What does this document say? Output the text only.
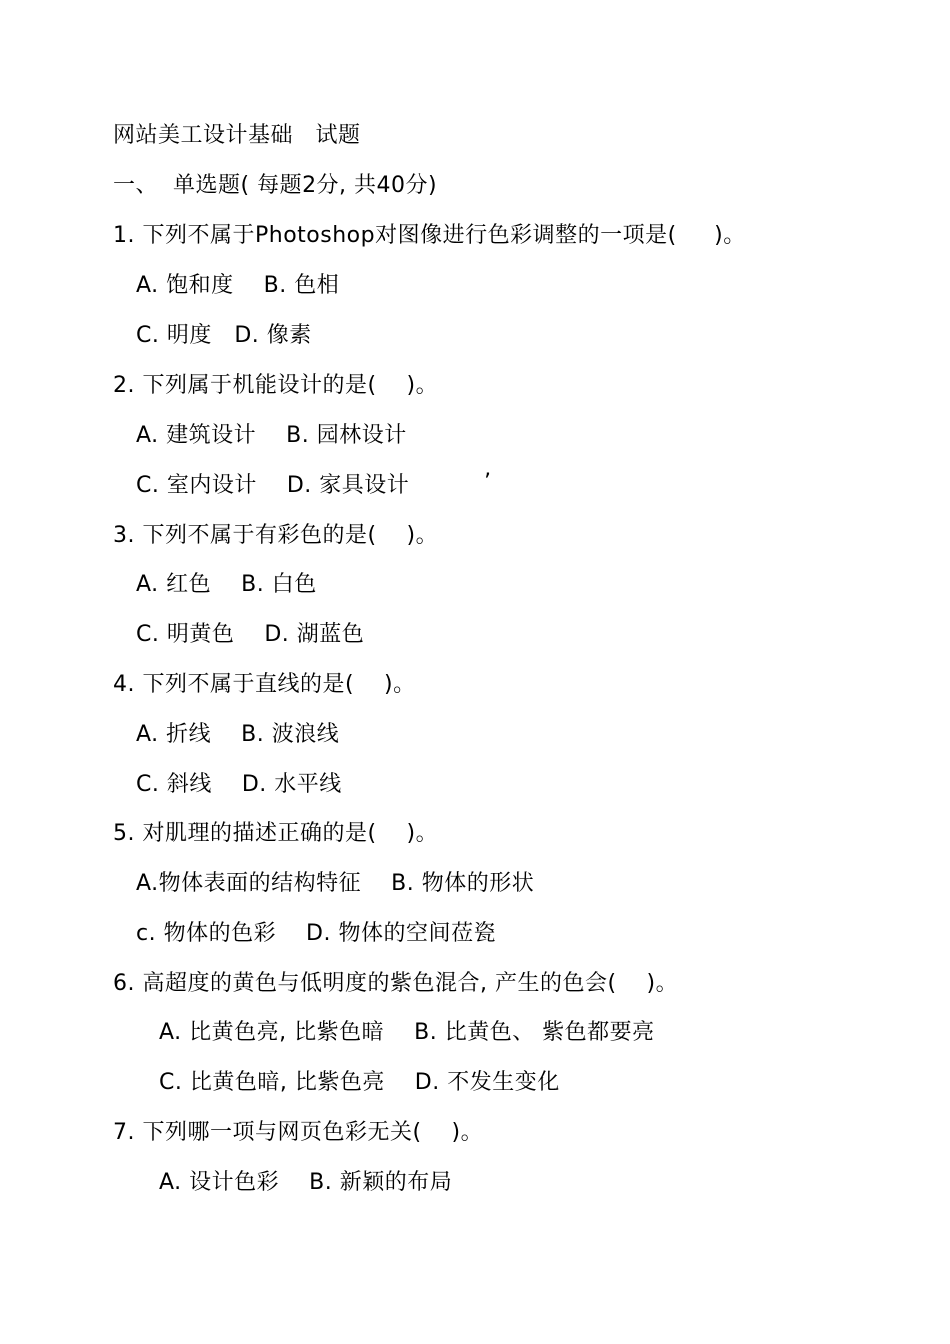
网站美工设计基础   试题
一、  单选题( 每题2分, 共40分)
1. 下列不属于Photoshop对图像进行色彩调整的一项是(     )。
A. 饱和度    B. 色相
C. 明度   D. 像素
2. 下列属于机能设计的是(    )。
A. 建筑设计    B. 园林设计
C. 室内设计    D. 家具设计	’
3. 下列不属于有彩色的是(    )。
A. 红色    B. 白色
C. 明黄色    D. 湖蓝色
4. 下列不属于直线的是(    )。
A. 折线    B. 波浪线
C. 斜线    D. 水平线
5. 对肌理的描述正确的是(    )。
A.物体表面的结构特征    B. 物体的形状
c. 物体的色彩    D. 物体的空间莅瓷
6. 高超度的黄色与低明度的紫色混合, 产生的色会(    )。
A. 比黄色亮, 比紫色暗    B. 比黄色、 紫色都要亮
C. 比黄色暗, 比紫色亮    D. 不发生变化
7. 下列哪一项与网页色彩无关(    )。
A. 设计色彩    B. 新颖的布局
